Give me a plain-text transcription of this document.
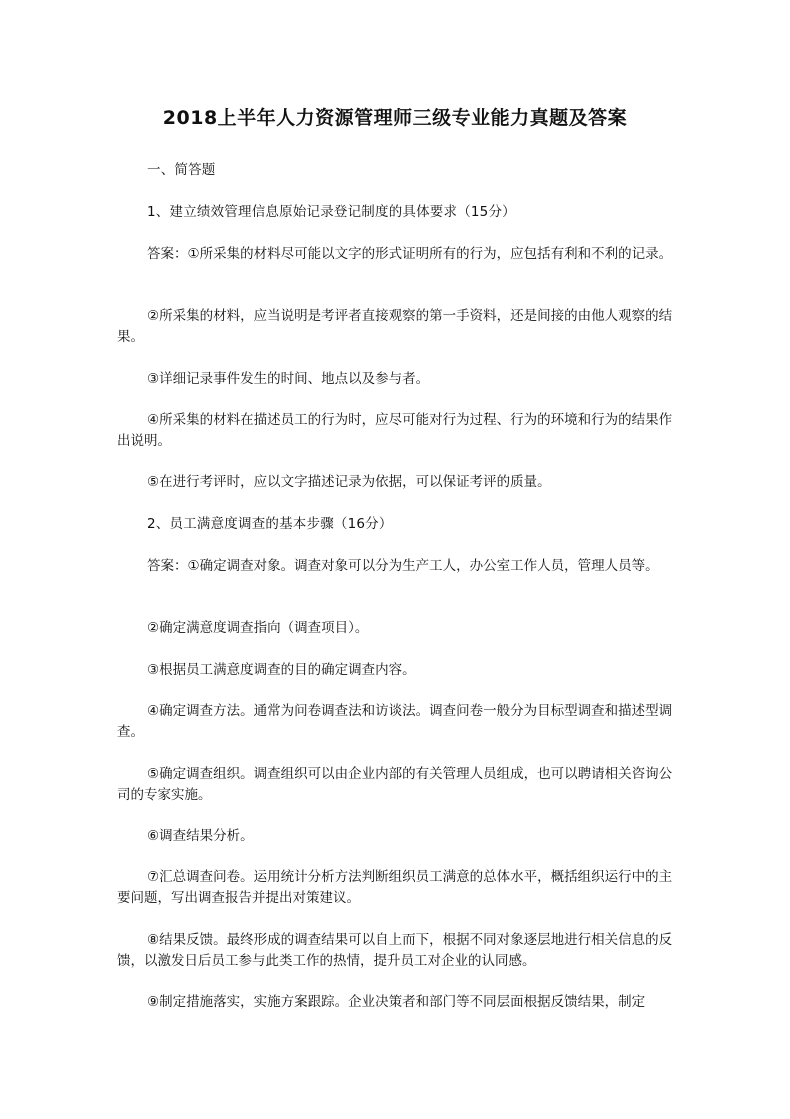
2018上半年人力资源管理师三级专业能力真题及答案

一、简答题

1、建立绩效管理信息原始记录登记制度的具体要求（15分）

答案：①所采集的材料尽可能以文字的形式证明所有的行为，应包括有利和不利的记录。

②所采集的材料，应当说明是考评者直接观察的第一手资料，还是间接的由他人观察的结果。

③详细记录事件发生的时间、地点以及参与者。

④所采集的材料在描述员工的行为时，应尽可能对行为过程、行为的环境和行为的结果作出说明。

⑤在进行考评时，应以文字描述记录为依据，可以保证考评的质量。

2、员工满意度调查的基本步骤（16分）

答案：①确定调查对象。调查对象可以分为生产工人，办公室工作人员，管理人员等。

②确定满意度调查指向（调查项目）。

③根据员工满意度调查的目的确定调查内容。

④确定调查方法。通常为问卷调查法和访谈法。调查问卷一般分为目标型调查和描述型调查。

⑤确定调查组织。调查组织可以由企业内部的有关管理人员组成，也可以聘请相关咨询公司的专家实施。

⑥调查结果分析。

⑦汇总调查问卷。运用统计分析方法判断组织员工满意的总体水平，概括组织运行中的主要问题，写出调查报告并提出对策建议。

⑧结果反馈。最终形成的调查结果可以自上而下，根据不同对象逐层地进行相关信息的反馈，以激发日后员工参与此类工作的热情，提升员工对企业的认同感。

⑨制定措施落实，实施方案跟踪。企业决策者和部门等不同层面根据反馈结果，制定
